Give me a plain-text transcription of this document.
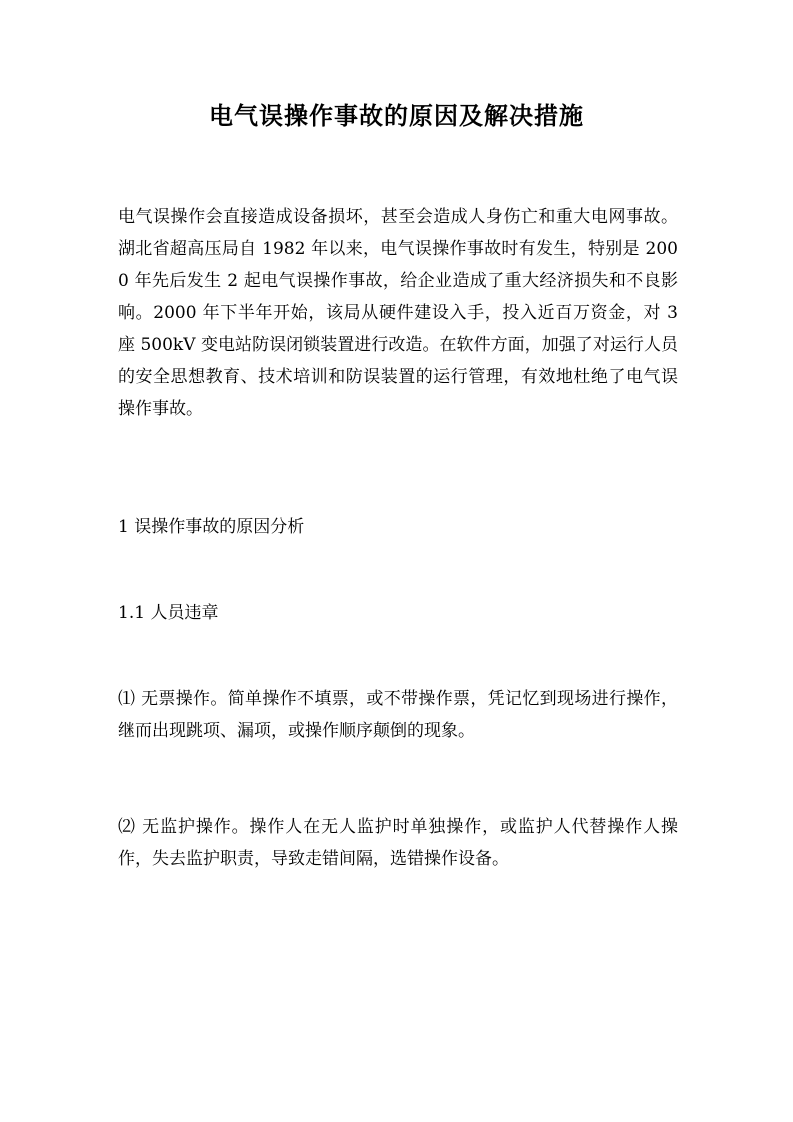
电气误操作事故的原因及解决措施

电气误操作会直接造成设备损坏，甚至会造成人身伤亡和重大电网事故。湖北省超高压局自 1982 年以来，电气误操作事故时有发生，特别是 2000 年先后发生 2 起电气误操作事故，给企业造成了重大经济损失和不良影响。2000 年下半年开始，该局从硬件建设入手，投入近百万资金，对 3 座 500kV 变电站防误闭锁装置进行改造。在软件方面，加强了对运行人员的安全思想教育、技术培训和防误装置的运行管理，有效地杜绝了电气误操作事故。

1 误操作事故的原因分析

1.1 人员违章

⑴ 无票操作。简单操作不填票，或不带操作票，凭记忆到现场进行操作，继而出现跳项、漏项，或操作顺序颠倒的现象。

⑵ 无监护操作。操作人在无人监护时单独操作，或监护人代替操作人操作，失去监护职责，导致走错间隔，选错操作设备。
